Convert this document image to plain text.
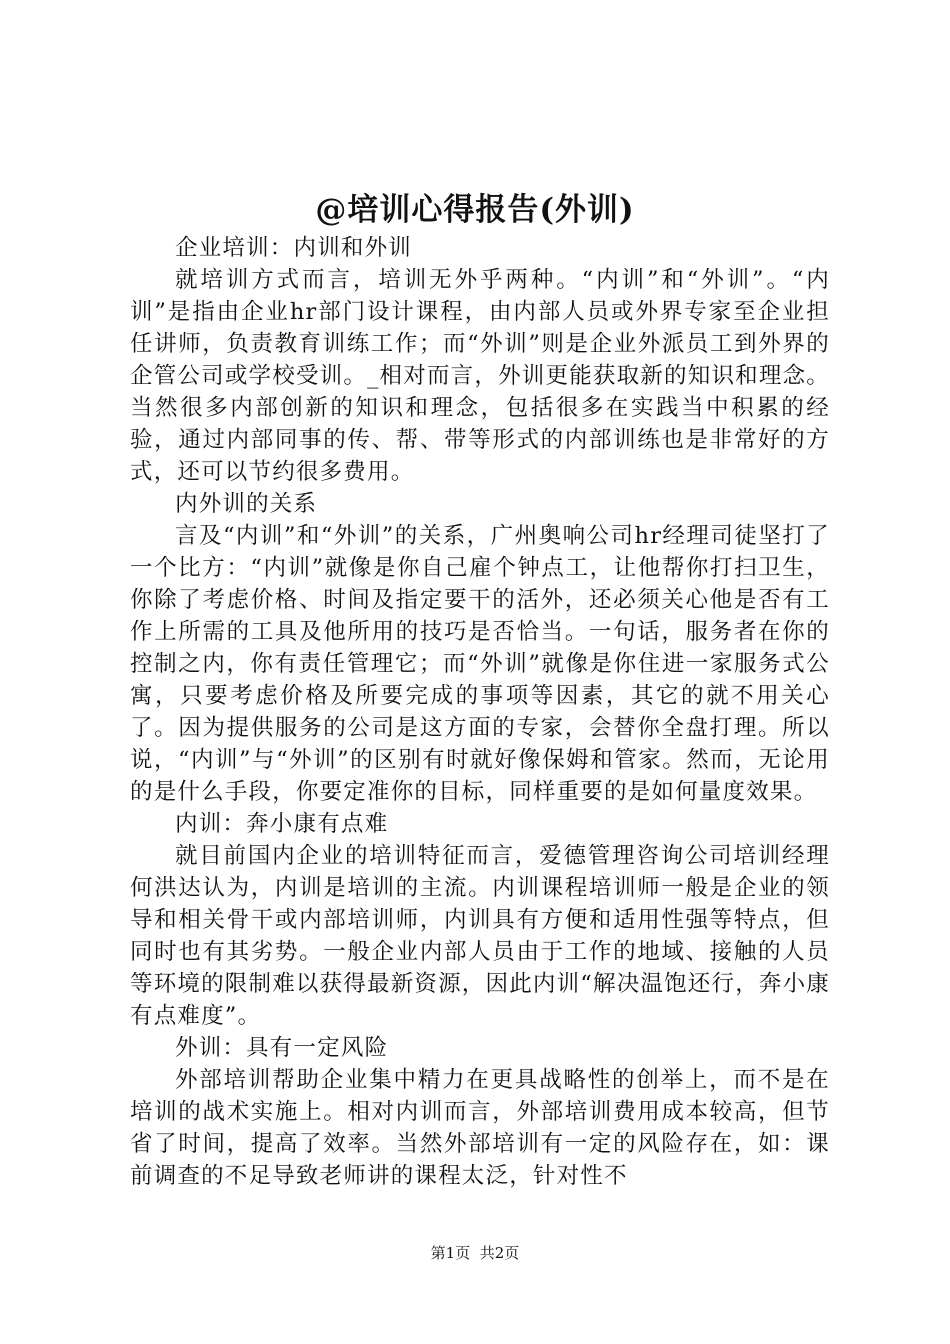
@培训心得报告(外训)

企业培训：内训和外训

就培训方式而言，培训无外乎两种。“内训”和“外训”。“内训”是指由企业hr部门设计课程，由内部人员或外界专家至企业担任讲师，负责教育训练工作；而“外训”则是企业外派员工到外界的企管公司或学校受训。_相对而言，外训更能获取新的知识和理念。当然很多内部创新的知识和理念，包括很多在实践当中积累的经验，通过内部同事的传、帮、带等形式的内部训练也是非常好的方式，还可以节约很多费用。

内外训的关系

言及“内训”和“外训”的关系，广州奥响公司hr经理司徒坚打了一个比方：“内训”就像是你自己雇个钟点工，让他帮你打扫卫生，你除了考虑价格、时间及指定要干的活外，还必须关心他是否有工作上所需的工具及他所用的技巧是否恰当。一句话，服务者在你的控制之内，你有责任管理它；而“外训”就像是你住进一家服务式公寓，只要考虑价格及所要完成的事项等因素，其它的就不用关心了。因为提供服务的公司是这方面的专家，会替你全盘打理。所以说，“内训”与“外训”的区别有时就好像保姆和管家。然而，无论用的是什么手段，你要定准你的目标，同样重要的是如何量度效果。

内训：奔小康有点难

就目前国内企业的培训特征而言，爱德管理咨询公司培训经理何洪达认为，内训是培训的主流。内训课程培训师一般是企业的领导和相关骨干或内部培训师，内训具有方便和适用性强等特点，但同时也有其劣势。一般企业内部人员由于工作的地域、接触的人员等环境的限制难以获得最新资源，因此内训“解决温饱还行，奔小康有点难度”。

外训：具有一定风险

外部培训帮助企业集中精力在更具战略性的创举上，而不是在培训的战术实施上。相对内训而言，外部培训费用成本较高，但节省了时间，提高了效率。当然外部培训有一定的风险存在，如：课前调查的不足导致老师讲的课程太泛，针对性不

第1页 共2页
